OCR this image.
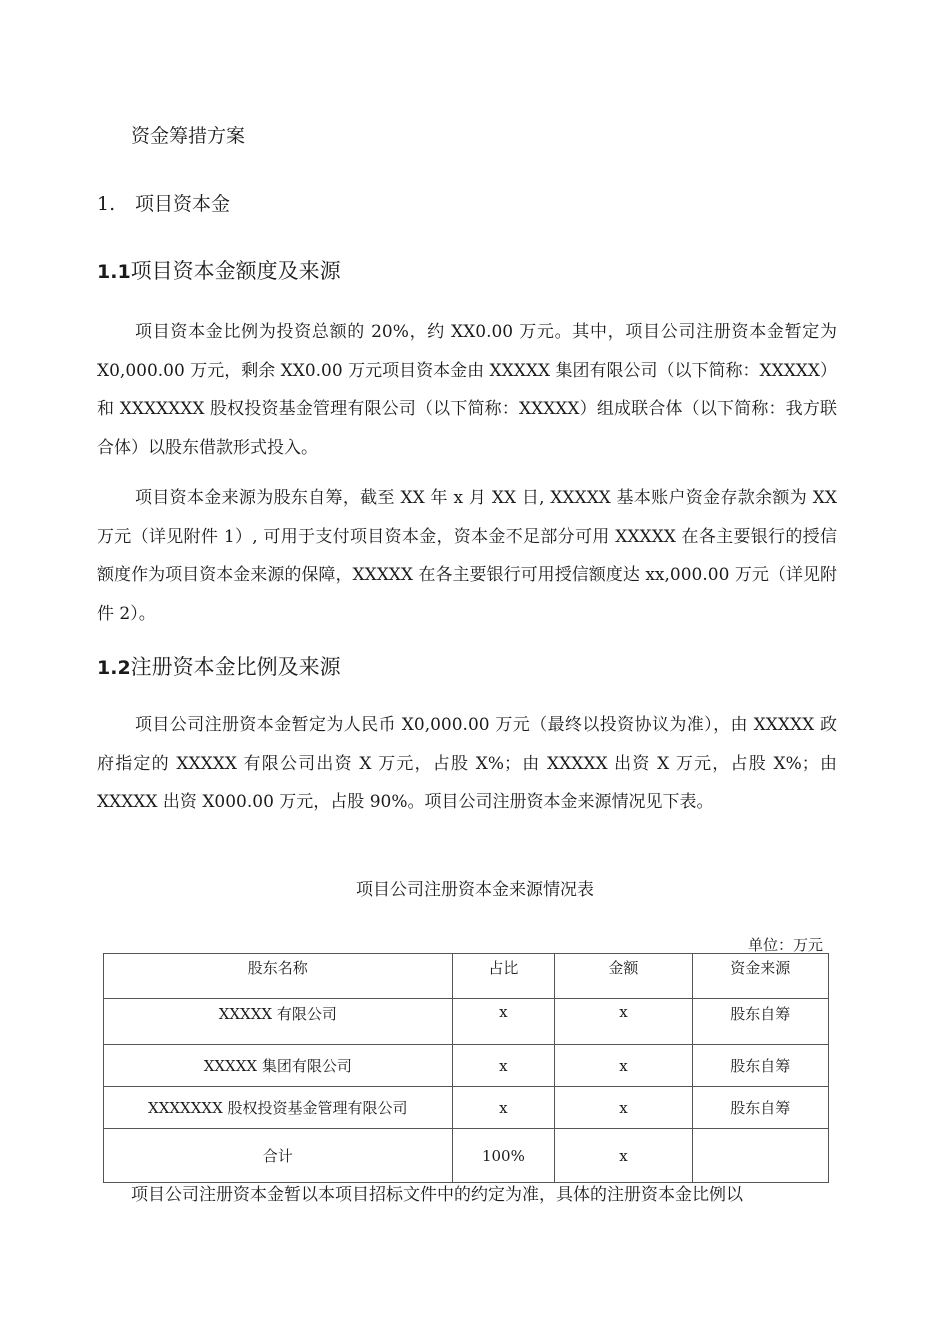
资金筹措方案
1. 项目资本金
1.1项目资本金额度及来源

项目资本金比例为投资总额的 20%，约 XX0.00 万元。其中，项目公司注册资本金暂定为 X0,000.00 万元，剩余 XX0.00 万元项目资本金由 XXXXX 集团有限公司（以下简称：XXXXX）和 XXXXXXX 股权投资基金管理有限公司（以下简称：XXXXX）组成联合体（以下简称：我方联合体）以股东借款形式投入。

项目资本金来源为股东自筹，截至 XX 年 x 月 XX 日, XXXXX 基本账户资金存款余额为 XX 万元（详见附件 1）, 可用于支付项目资本金，资本金不足部分可用 XXXXX 在各主要银行的授信额度作为项目资本金来源的保障，XXXXX 在各主要银行可用授信额度达 xx,000.00 万元（详见附件 2）。

1.2注册资本金比例及来源

项目公司注册资本金暂定为人民币 X0,000.00 万元（最终以投资协议为准），由 XXXXX 政府指定的 XXXXX 有限公司出资 X 万元，占股 X%；由 XXXXX 出资 X 万元，占股 X%；由 XXXXX 出资 X000.00 万元，占股 90%。项目公司注册资本金来源情况见下表。

项目公司注册资本金来源情况表
单位：万元
股东名称	占比	金额	资金来源
XXXXX 有限公司	x	x	股东自筹
XXXXX 集团有限公司	x	x	股东自筹
XXXXXXX 股权投资基金管理有限公司	x	x	股东自筹
合计	100%	x	
项目公司注册资本金暂以本项目招标文件中的约定为准，具体的注册资本金比例以
